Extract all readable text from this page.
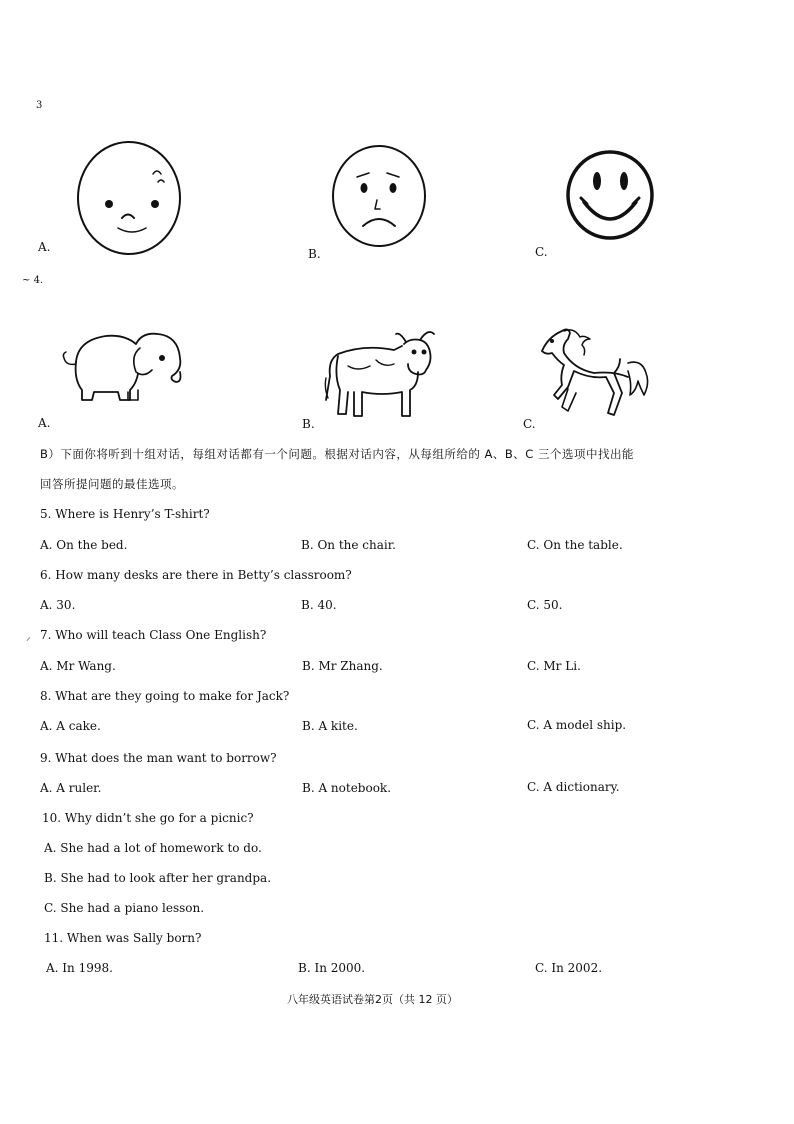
3
A.	B.	C.
~ 4.
A.	B.	C.
B）下面你将听到十组对话，每组对话都有一个问题。根据对话内容，从每组所给的 A、B、C 三个选项中找出能
回答所提问题的最佳选项。
5. Where is Henry’s T-shirt?
A. On the bed.	B. On the chair.	C. On the table.
6. How many desks are there in Betty’s classroom?
A. 30.	B. 40.	C. 50.
⸝ 7. Who will teach Class One English?
A. Mr Wang.	B. Mr Zhang.	C. Mr Li.
8. What are they going to make for Jack?
A. A cake.	B. A kite.	C. A model ship.
9. What does the man want to borrow?
A. A ruler.	B. A notebook.	C. A dictionary.
10. Why didn’t she go for a picnic?
A. She had a lot of homework to do.
B. She had to look after her grandpa.
C. She had a piano lesson.
11. When was Sally born?
A. In 1998.	B. In 2000.	C. In 2002.
八年级英语试卷第2页（共 12 页）
